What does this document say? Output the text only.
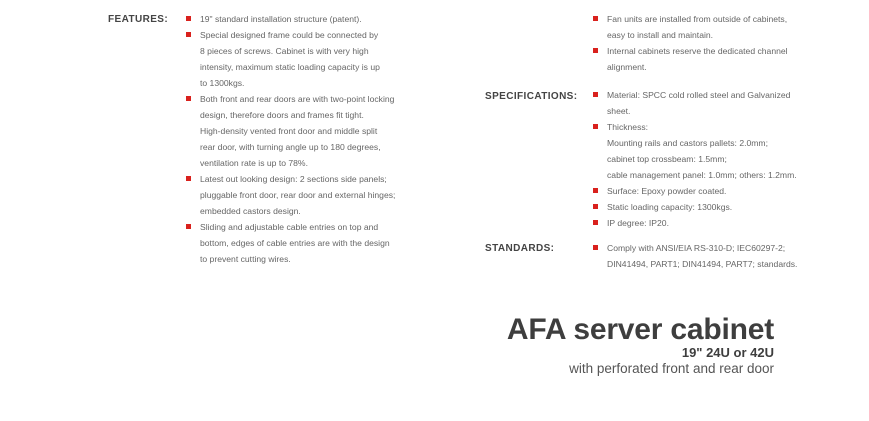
FEATURES:	19" standard installation structure (patent).
Special designed frame could be connected by
8 pieces of screws. Cabinet is with very high
intensity, maximum static loading capacity is up
to 1300kgs.
Both front and rear doors are with two-point locking
design, therefore doors and frames fit tight.
High-density vented front door and middle split
rear door, with turning angle up to 180 degrees,
ventilation rate is up to 78%.
Latest out looking design: 2 sections side panels;
pluggable front door, rear door and external hinges;
embedded castors design.
Sliding and adjustable cable entries on top and
bottom, edges of cable entries are with the design
to prevent cutting wires.
Fan units are installed from outside of cabinets,
easy to install and maintain.
Internal cabinets reserve the dedicated channel
alignment.
SPECIFICATIONS:	Material: SPCC cold rolled steel and Galvanized
sheet.
Thickness:
Mounting rails and castors pallets: 2.0mm;
cabinet top crossbeam: 1.5mm;
cable management panel: 1.0mm; others: 1.2mm.
Surface: Epoxy powder coated.
Static loading capacity: 1300kgs.
IP degree: IP20.
STANDARDS:	Comply with ANSI/EIA RS-310-D; IEC60297-2;
DIN41494, PART1; DIN41494, PART7; standards.
AFA server cabinet
19" 24U or 42U
with perforated front and rear door
